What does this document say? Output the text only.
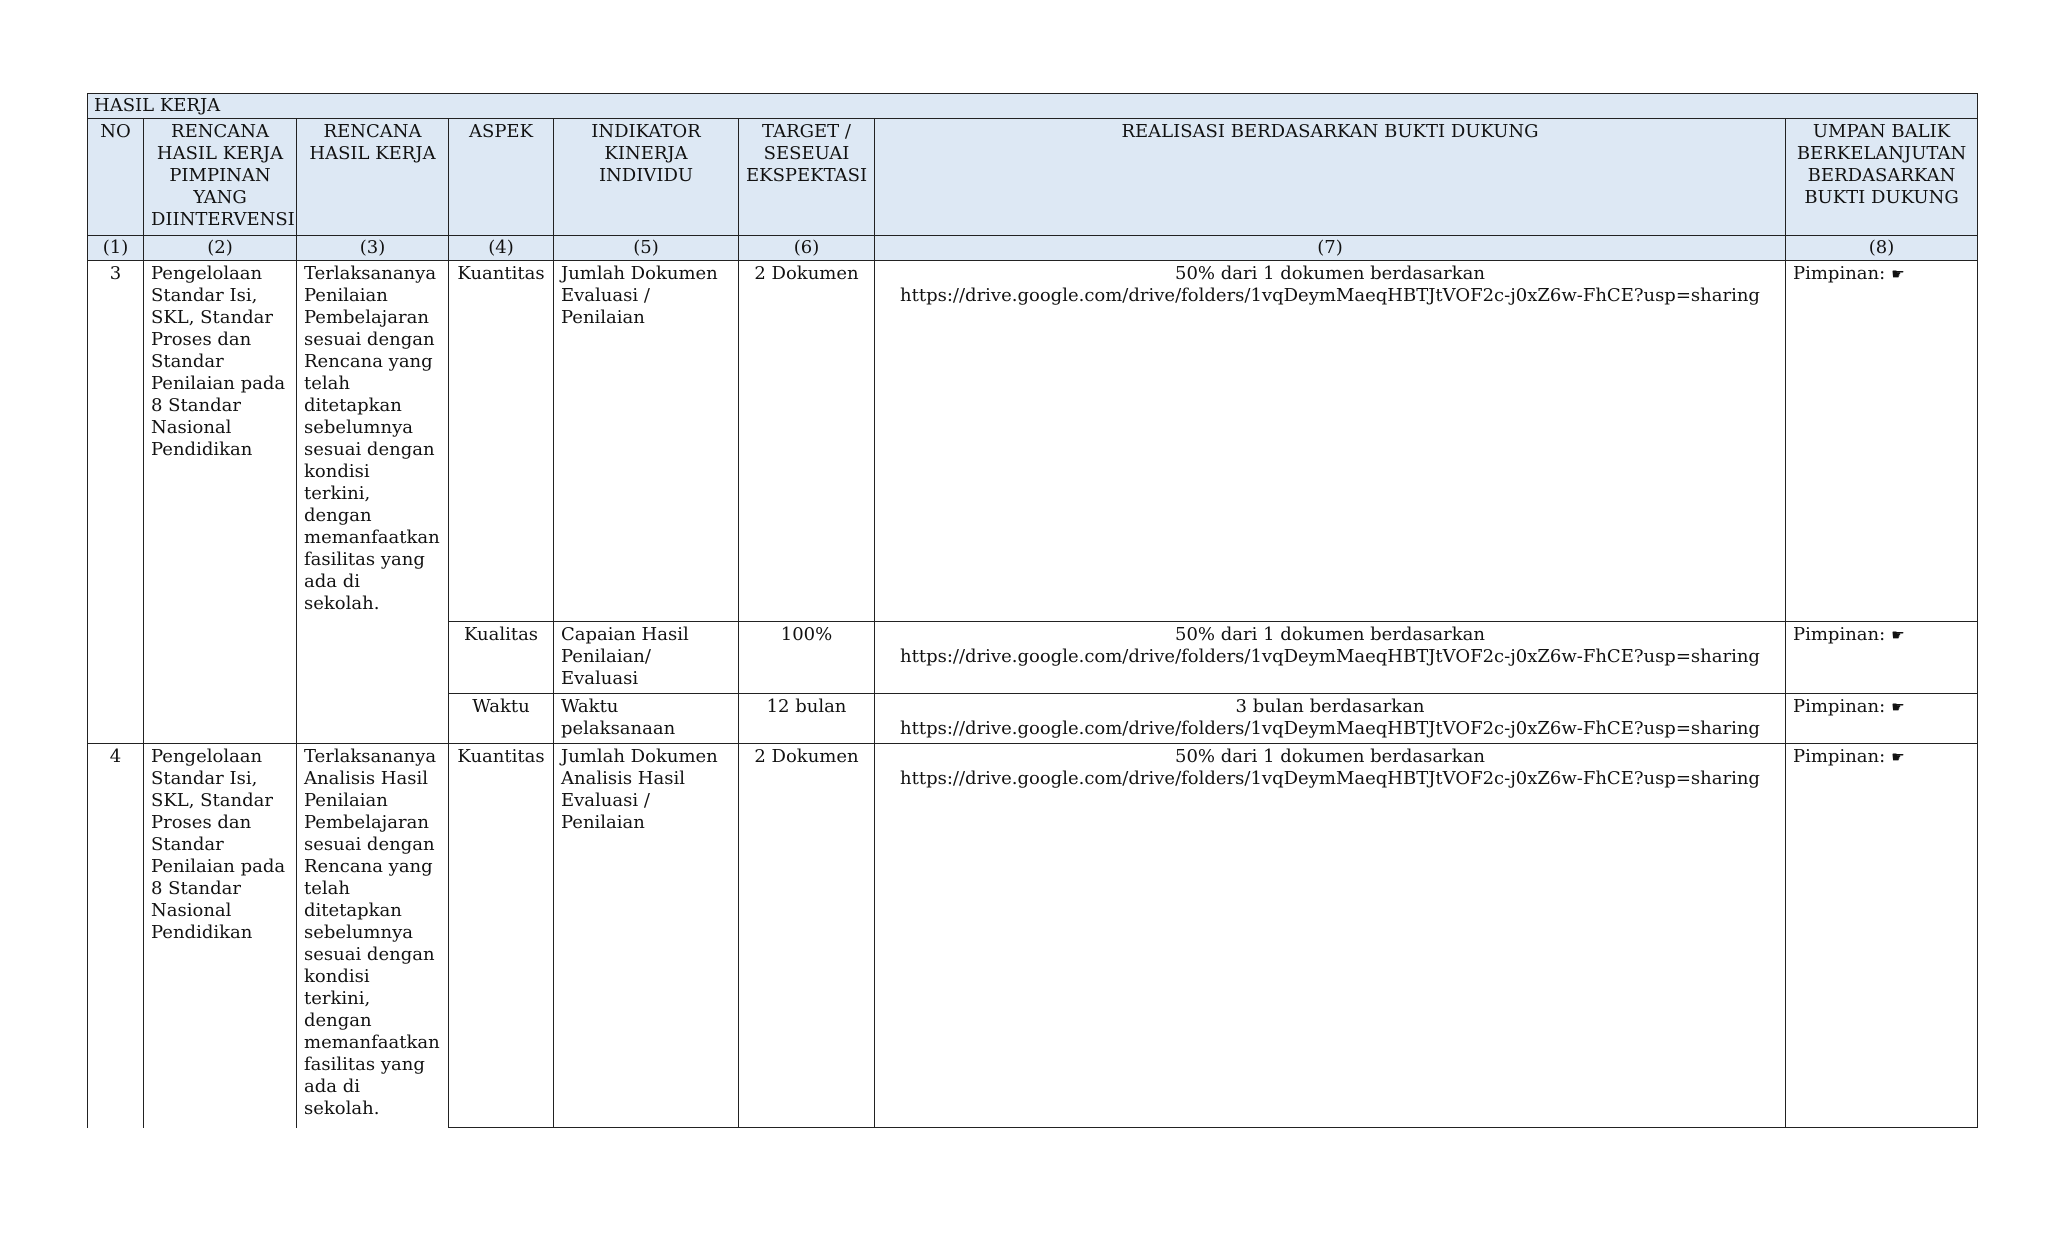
HASIL KERJA							
NO	RENCANA HASIL KERJA PIMPINAN YANG DIINTERVENSI	RENCANA HASIL KERJA	ASPEK	INDIKATOR KINERJA INDIVIDU	TARGET / SESEUAI EKSPEKTASI	REALISASI BERDASARKAN BUKTI DUKUNG	UMPAN BALIK BERKELANJUTAN BERDASARKAN BUKTI DUKUNG
(1)	(2)	(3)	(4)	(5)	(6)	(7)	(8)
3	Pengelolaan Standar Isi, SKL, Standar Proses dan Standar Penilaian pada 8 Standar Nasional Pendidikan	Terlaksananya Penilaian Pembelajaran sesuai dengan Rencana yang telah ditetapkan sebelumnya sesuai dengan kondisi terkini, dengan memanfaatkan fasilitas yang ada di sekolah.	Kuantitas	Jumlah Dokumen Evaluasi / Penilaian	2 Dokumen	50% dari 1 dokumen berdasarkan
https://drive.google.com/drive/folders/1vqDeymMaeqHBTJtVOF2c-j0xZ6w-FhCE?usp=sharing	Pimpinan: ☛
			Kualitas	Capaian Hasil Penilaian/ Evaluasi	100%	50% dari 1 dokumen berdasarkan
https://drive.google.com/drive/folders/1vqDeymMaeqHBTJtVOF2c-j0xZ6w-FhCE?usp=sharing	Pimpinan: ☛
			Waktu	Waktu pelaksanaan	12 bulan	3 bulan berdasarkan
https://drive.google.com/drive/folders/1vqDeymMaeqHBTJtVOF2c-j0xZ6w-FhCE?usp=sharing	Pimpinan: ☛
4	Pengelolaan Standar Isi, SKL, Standar Proses dan Standar Penilaian pada 8 Standar Nasional Pendidikan	Terlaksananya Analisis Hasil Penilaian Pembelajaran sesuai dengan Rencana yang telah ditetapkan sebelumnya sesuai dengan kondisi terkini, dengan memanfaatkan fasilitas yang ada di sekolah.	Kuantitas	Jumlah Dokumen Analisis Hasil Evaluasi / Penilaian	2 Dokumen	50% dari 1 dokumen berdasarkan
https://drive.google.com/drive/folders/1vqDeymMaeqHBTJtVOF2c-j0xZ6w-FhCE?usp=sharing	Pimpinan: ☛
